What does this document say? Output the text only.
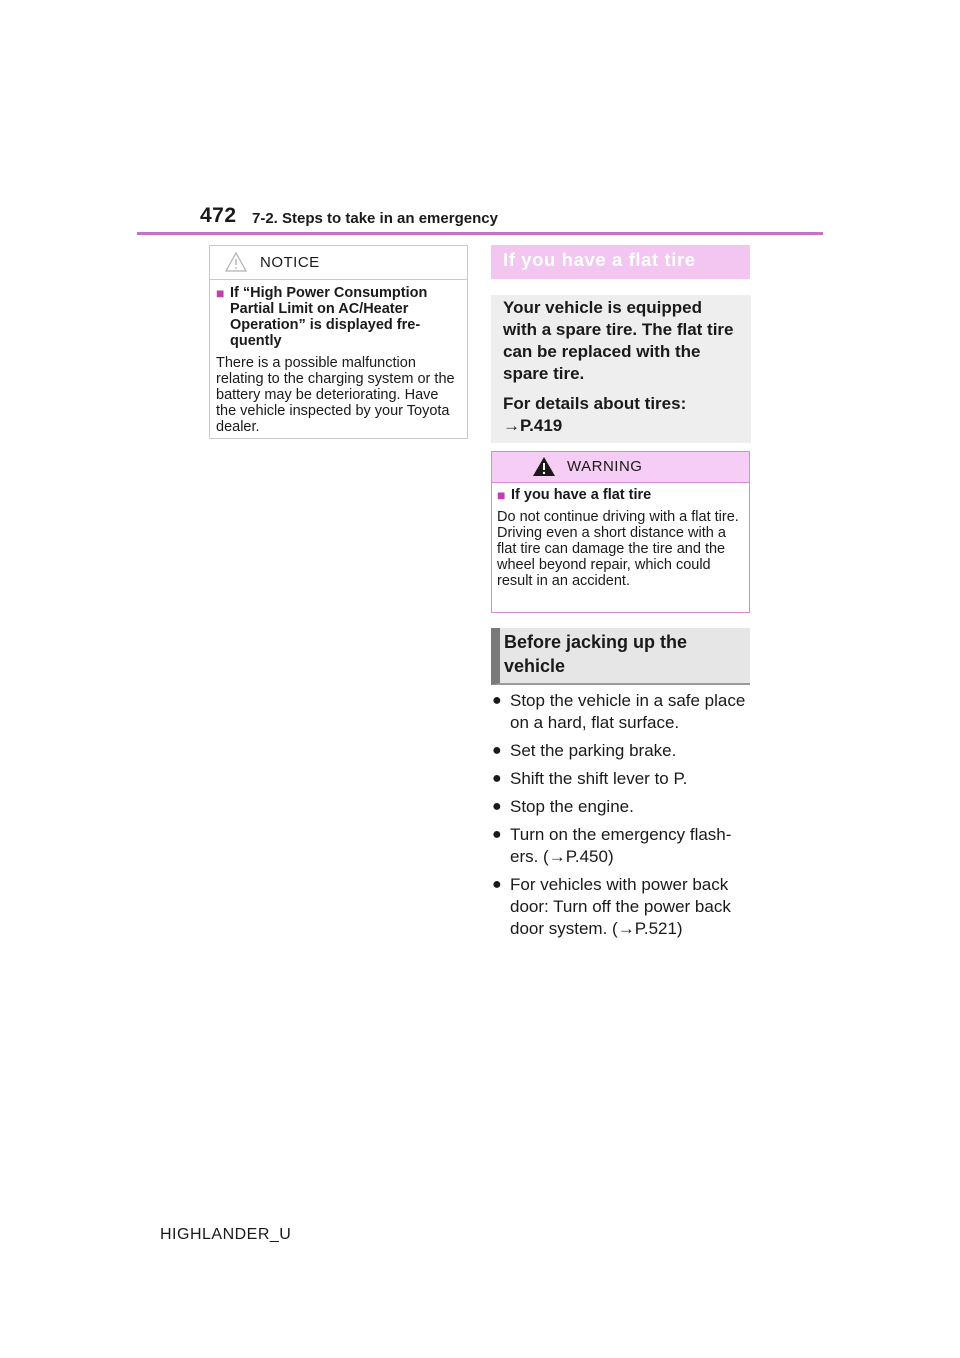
472 7-2. Steps to take in an emergency
NOTICE
■ If “High Power Consumption Partial Limit on AC/Heater Operation” is displayed fre-quently
There is a possible malfunction relating to the charging system or the battery may be deteriorating. Have the vehicle inspected by your Toyota dealer.
If you have a flat tire
Your vehicle is equipped with a spare tire. The flat tire can be replaced with the spare tire.
For details about tires:
→P.419
WARNING
■ If you have a flat tire
Do not continue driving with a flat tire.
Driving even a short distance with a flat tire can damage the tire and the wheel beyond repair, which could result in an accident.
Before jacking up the vehicle
● Stop the vehicle in a safe place on a hard, flat surface.
● Set the parking brake.
● Shift the shift lever to P.
● Stop the engine.
● Turn on the emergency flash-ers. (→P.450)
● For vehicles with power back door: Turn off the power back door system. (→P.521)
HIGHLANDER_U
